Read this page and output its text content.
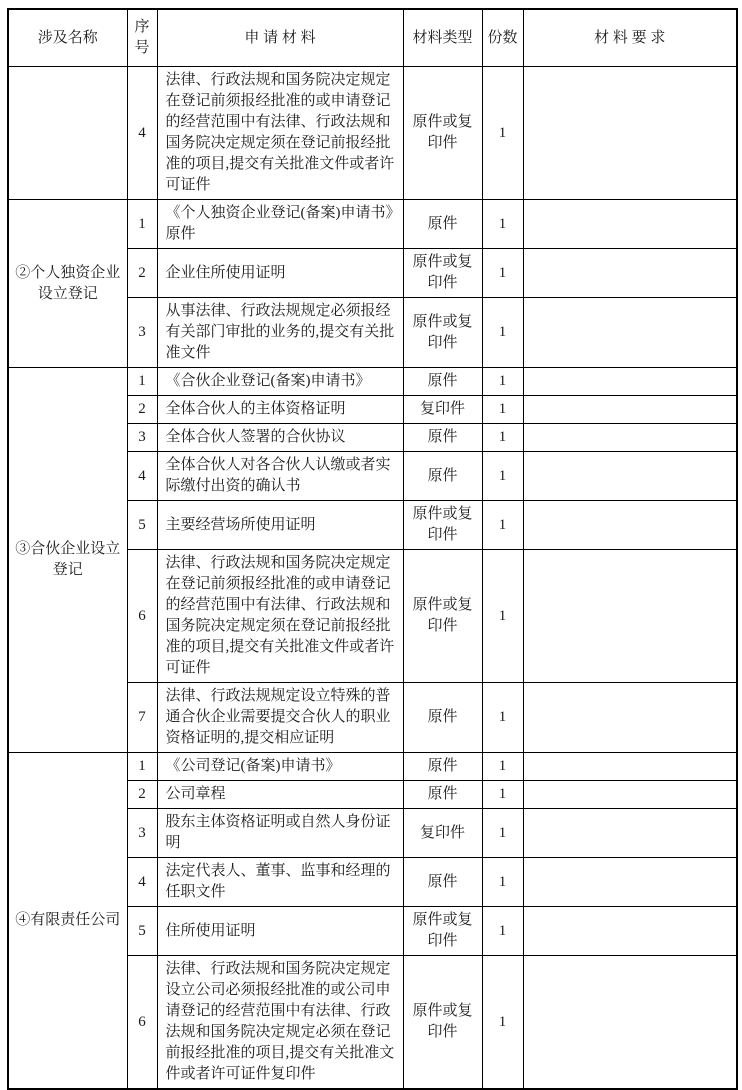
涉及名称	序号	申 请 材 料	材料类型	份数	材 料 要 求
	4	法律、行政法规和国务院决定规定在登记前须报经批准的或申请登记的经营范围中有法律、行政法规和国务院决定规定须在登记前报经批准的项目,提交有关批准文件或者许可证件	原件或复印件	1	
②个人独资企业设立登记	1	《个人独资企业登记(备案)申请书》原件	原件	1	
	2	企业住所使用证明	原件或复印件	1	
	3	从事法律、行政法规规定必须报经有关部门审批的业务的,提交有关批准文件	原件或复印件	1	
③合伙企业设立登记	1	《合伙企业登记(备案)申请书》	原件	1	
	2	全体合伙人的主体资格证明	复印件	1	
	3	全体合伙人签署的合伙协议	原件	1	
	4	全体合伙人对各合伙人认缴或者实际缴付出资的确认书	原件	1	
	5	主要经营场所使用证明	原件或复印件	1	
	6	法律、行政法规和国务院决定规定在登记前须报经批准的或申请登记的经营范围中有法律、行政法规和国务院决定规定须在登记前报经批准的项目,提交有关批准文件或者许可证件	原件或复印件	1	
	7	法律、行政法规规定设立特殊的普通合伙企业需要提交合伙人的职业资格证明的,提交相应证明	原件	1	
④有限责任公司	1	《公司登记(备案)申请书》	原件	1	
	2	公司章程	原件	1	
	3	股东主体资格证明或自然人身份证明	复印件	1	
	4	法定代表人、董事、监事和经理的任职文件	原件	1	
	5	住所使用证明	原件或复印件	1	
	6	法律、行政法规和国务院决定规定设立公司必须报经批准的或公司申请登记的经营范围中有法律、行政法规和国务院决定规定必须在登记前报经批准的项目,提交有关批准文件或者许可证件复印件	原件或复印件	1	
